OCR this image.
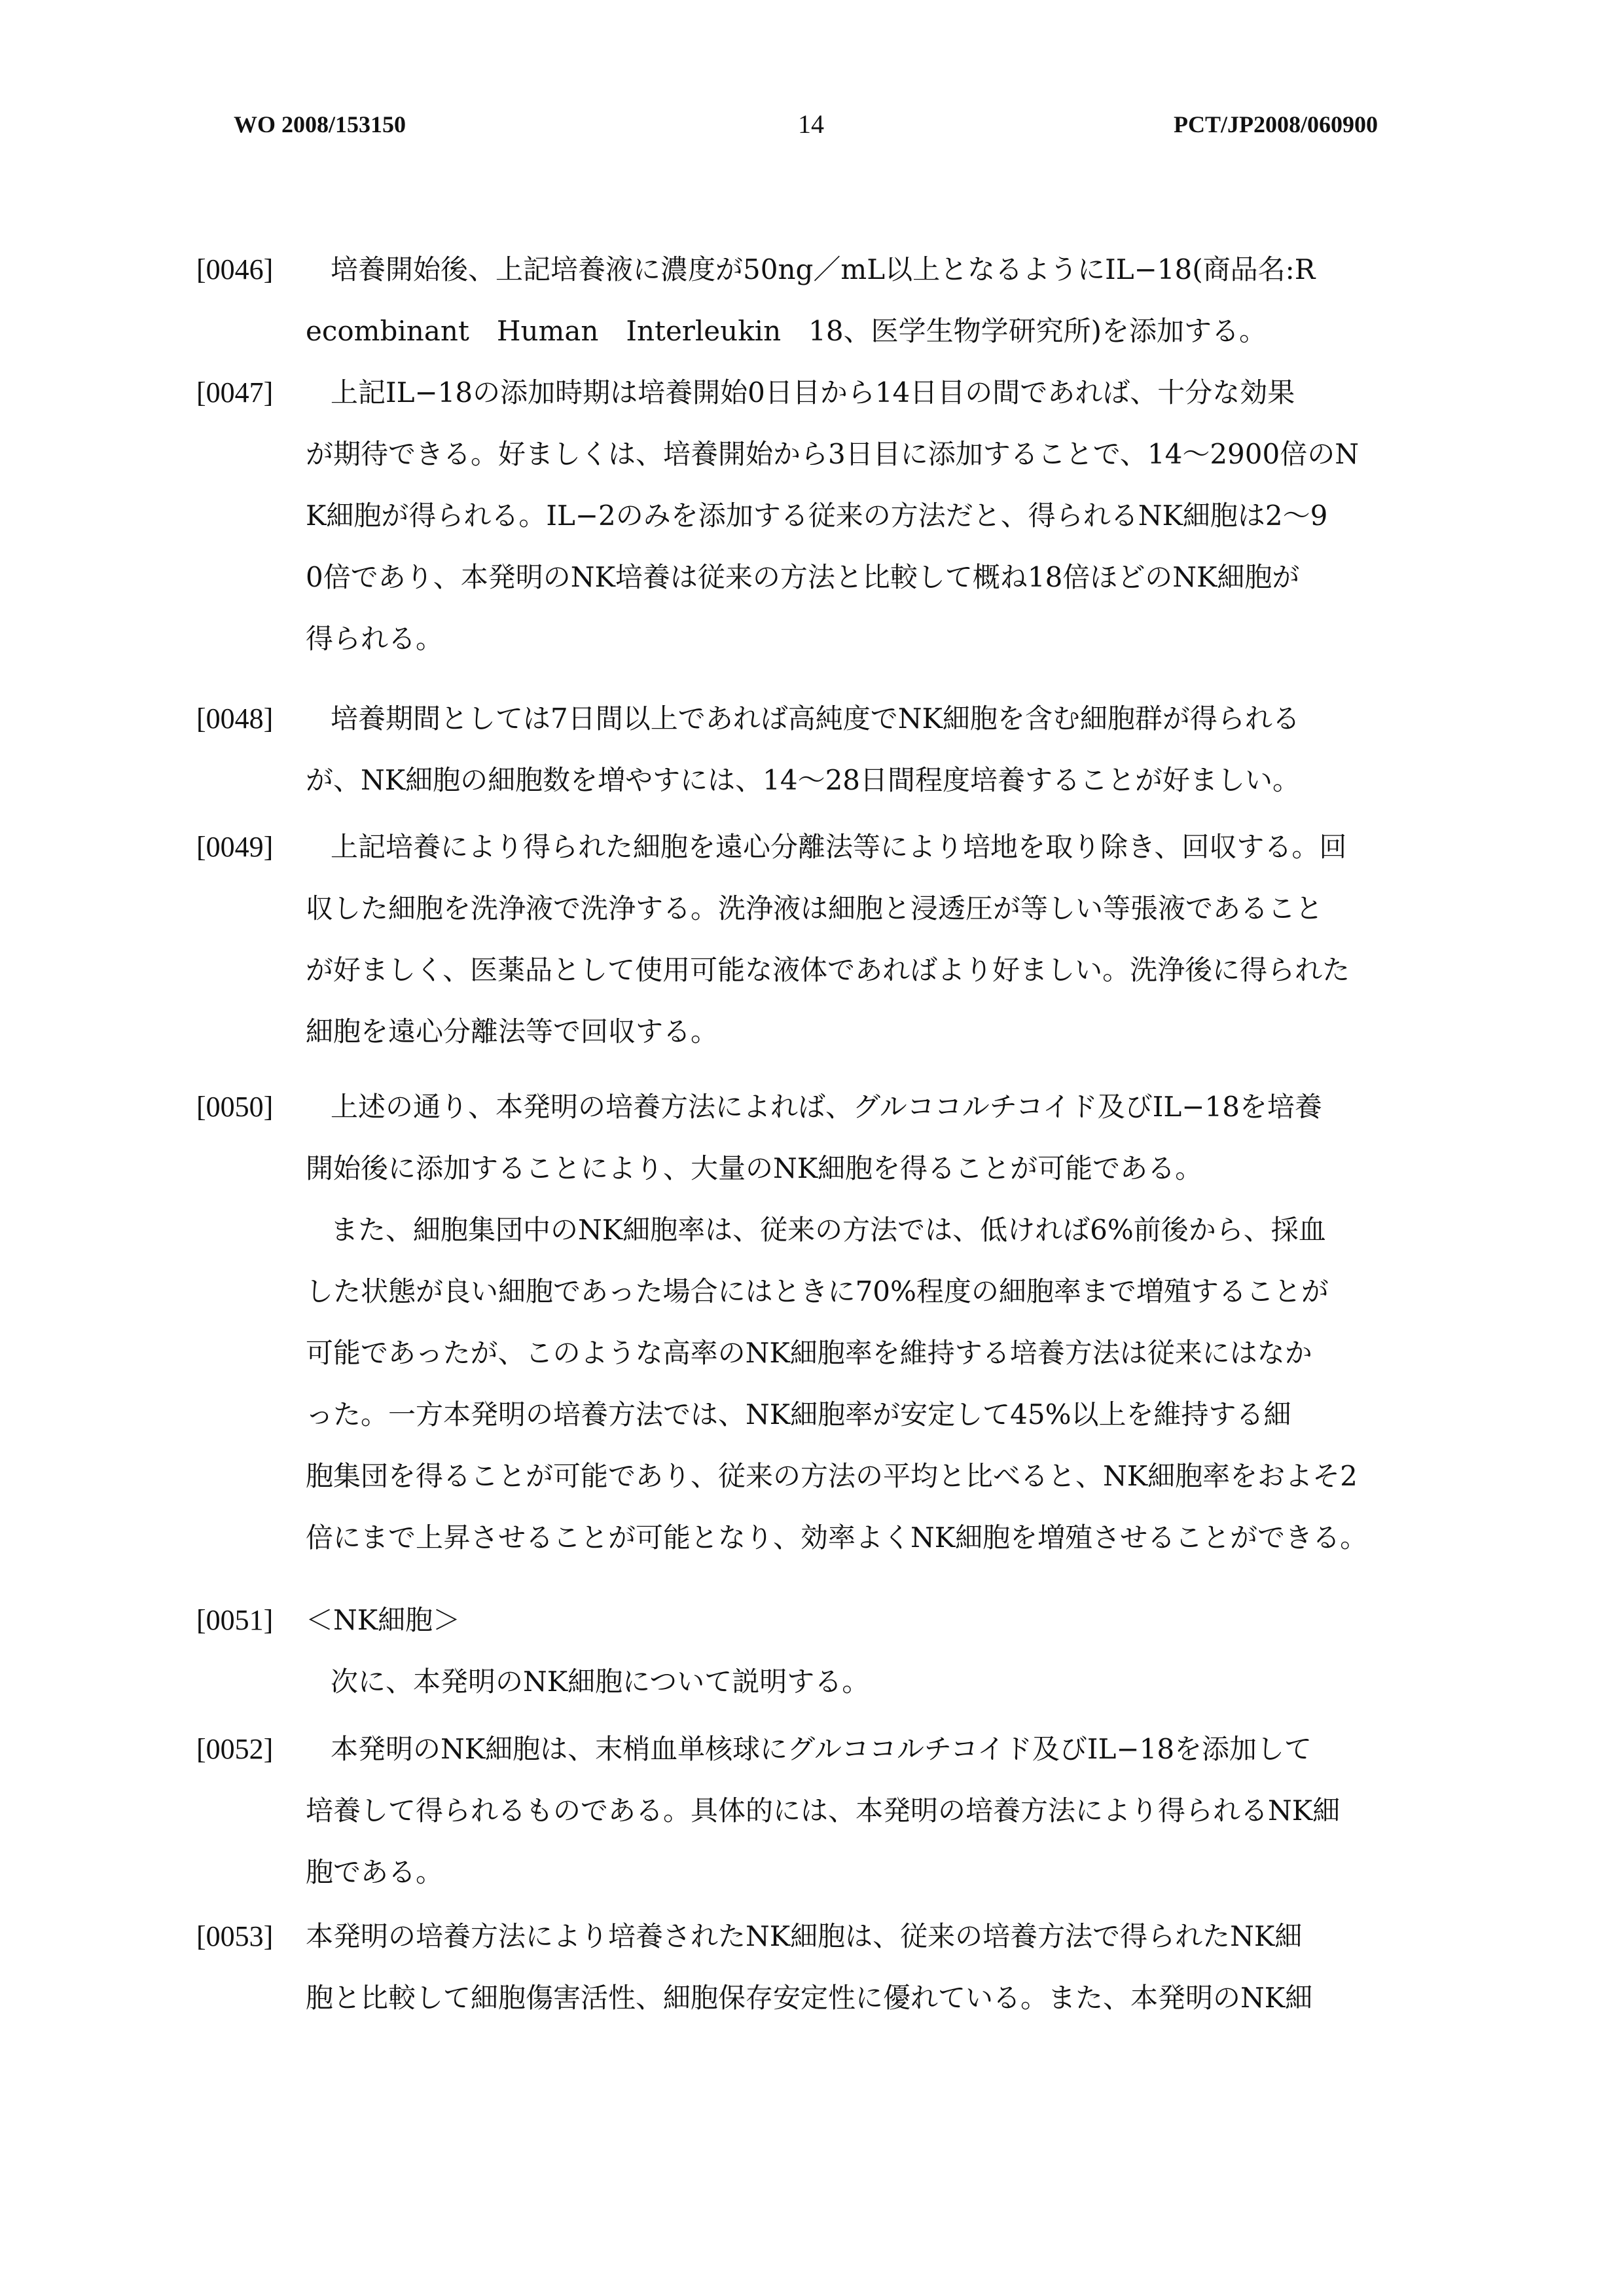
WO 2008/153150	14	PCT/JP2008/060900
[0046]	培養開始後、上記培養液に濃度が50ng／mL以上となるようにIL−18(商品名:R
ecombinant　Human　Interleukin　18、医学生物学研究所)を添加する。
[0047]	上記IL−18の添加時期は培養開始0日目から14日目の間であれば、十分な効果
が期待できる。好ましくは、培養開始から3日目に添加することで、14〜2900倍のN
K細胞が得られる。IL−2のみを添加する従来の方法だと、得られるNK細胞は2〜9
0倍であり、本発明のNK培養は従来の方法と比較して概ね18倍ほどのNK細胞が
得られる。
[0048]	培養期間としては7日間以上であれば高純度でNK細胞を含む細胞群が得られる
が、NK細胞の細胞数を増やすには、14〜28日間程度培養することが好ましい。
[0049]	上記培養により得られた細胞を遠心分離法等により培地を取り除き、回収する。回
収した細胞を洗浄液で洗浄する。洗浄液は細胞と浸透圧が等しい等張液であること
が好ましく、医薬品として使用可能な液体であればより好ましい。洗浄後に得られた
細胞を遠心分離法等で回収する。
[0050]	上述の通り、本発明の培養方法によれば、グルココルチコイド及びIL−18を培養
開始後に添加することにより、大量のNK細胞を得ることが可能である。
また、細胞集団中のNK細胞率は、従来の方法では、低ければ6%前後から、採血
した状態が良い細胞であった場合にはときに70%程度の細胞率まで増殖することが
可能であったが、このような高率のNK細胞率を維持する培養方法は従来にはなか
った。一方本発明の培養方法では、NK細胞率が安定して45%以上を維持する細
胞集団を得ることが可能であり、従来の方法の平均と比べると、NK細胞率をおよそ2
倍にまで上昇させることが可能となり、効率よくNK細胞を増殖させることができる。
[0051] ＜NK細胞＞
次に、本発明のNK細胞について説明する。
[0052]	本発明のNK細胞は、末梢血単核球にグルココルチコイド及びIL−18を添加して
培養して得られるものである。具体的には、本発明の培養方法により得られるNK細
胞である。
[0053] 本発明の培養方法により培養されたNK細胞は、従来の培養方法で得られたNK細
胞と比較して細胞傷害活性、細胞保存安定性に優れている。また、本発明のNK細
